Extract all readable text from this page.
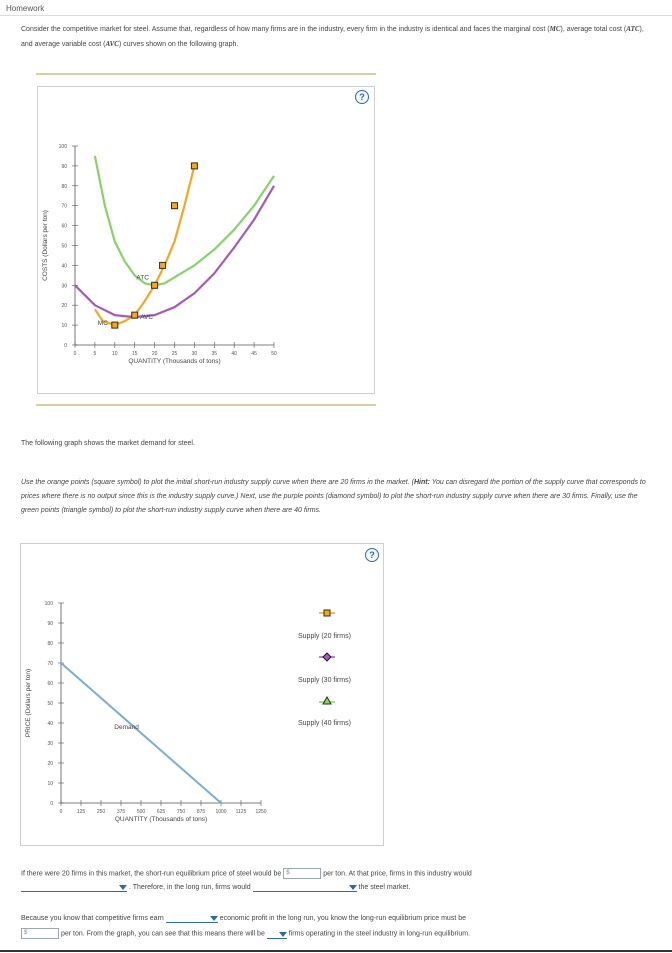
Homework
Consider the competitive market for steel. Assume that, regardless of how many firms are in the industry, every firm in the industry is identical and faces the marginal cost (MC), average total cost (ATC), and average variable cost (AVC) curves shown on the following graph.
?
0
10
20
30
40
50
60
70
80
90
100
0	5	10	15	20	25	30	35	40	45	50
QUANTITY (Thousands of tons)
COSTS (Dollars per ton)
MC
ATC
AVC
The following graph shows the market demand for steel.
Use the orange points (square symbol) to plot the initial short-run industry supply curve when there are 20 firms in the market. (Hint: You can disregard the portion of the supply curve that corresponds to prices where there is no output since this is the industry supply curve.) Next, use the purple points (diamond symbol) to plot the short-run industry supply curve when there are 30 firms. Finally, use the green points (triangle symbol) to plot the short-run industry supply curve when there are 40 firms.
?
0
10
20
30
40
50
60
70
80
90
100
0	125 250 375 500 625 750 875 1000 1125 1250
QUANTITY (Thousands of tons)
PRICE (Dollars per ton)	Demand
Supply (20 firms)
Supply (30 firms)
Supply (40 firms)
If there were 20 firms in this market, the short-run equilibrium price of steel would be $	per ton. At that price, firms in this industry would
. Therefore, in the long run, firms would	the steel market.
Because you know that competitive firms earn	economic profit in the long run, you know the long-run equilibrium price must be
$	per ton. From the graph, you can see that this means there will be	firms operating in the steel industry in long-run equilibrium.
